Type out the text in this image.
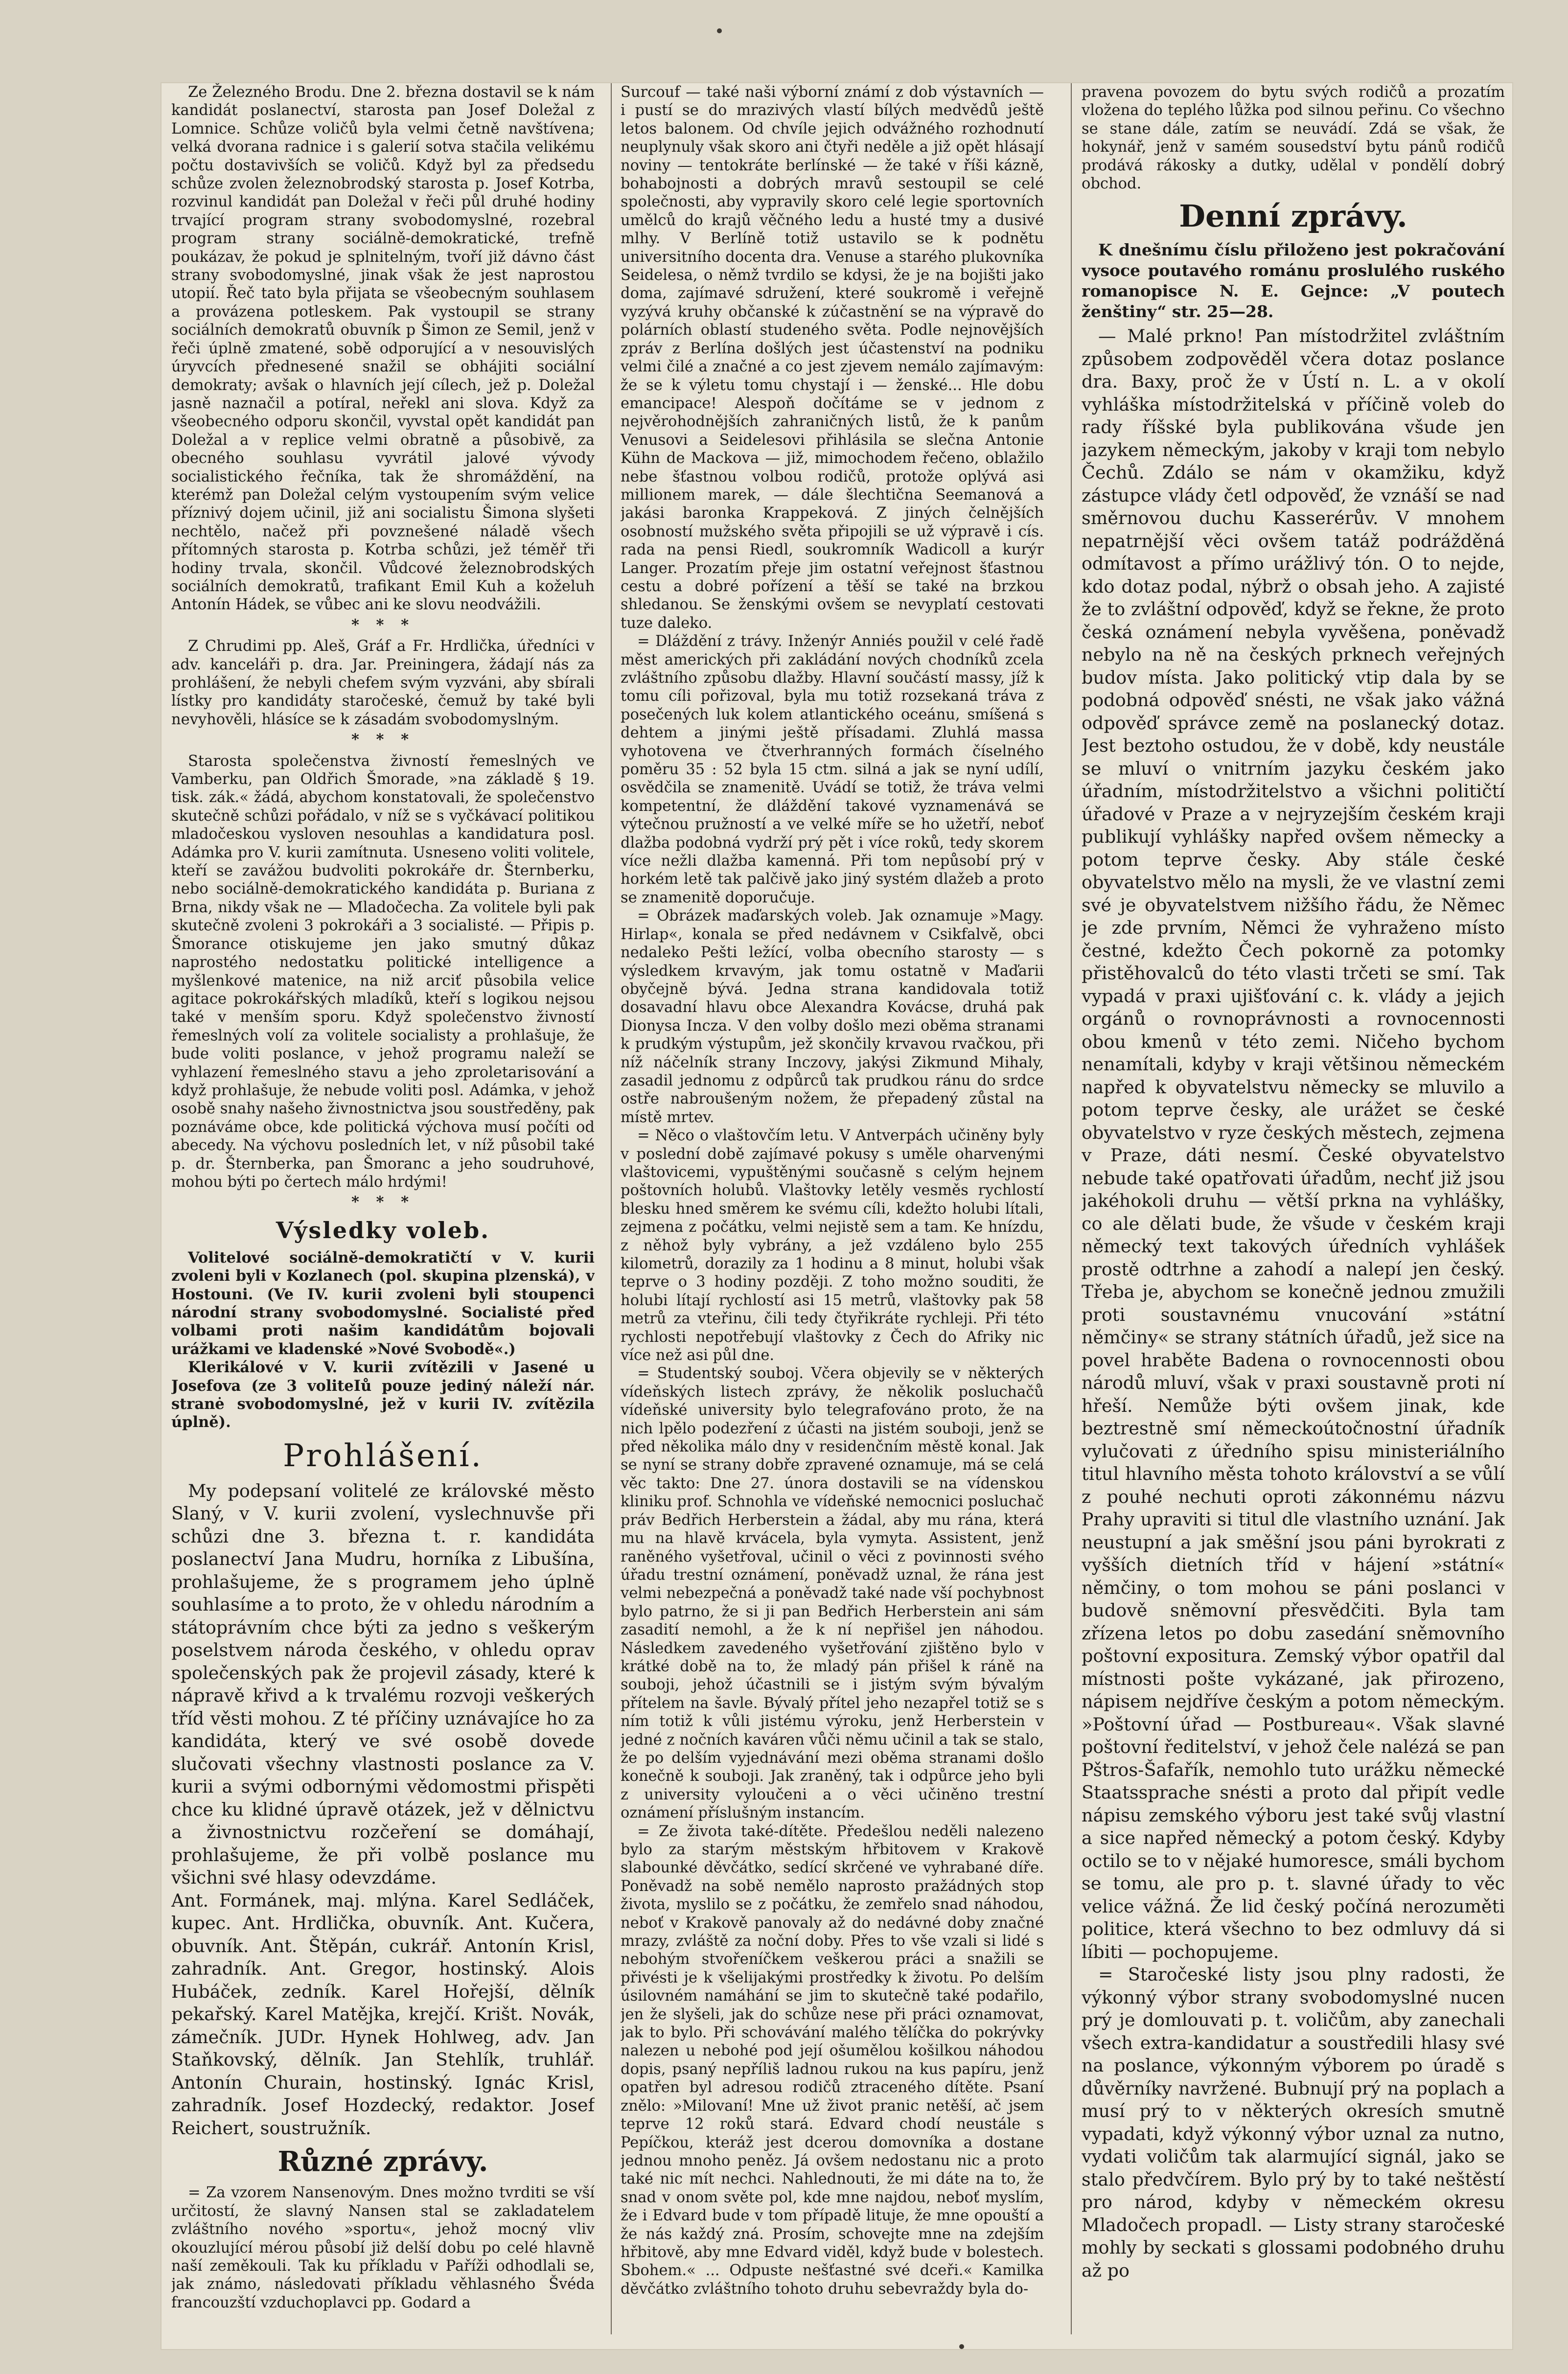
Ze Železného Brodu. Dne 2. března dostavil se k nám kandidát poslanectví, starosta pan Josef Doležal z Lomnice. Schůze voličů byla velmi četně navštívena; velká dvorana radnice i s galerií sotva stačila velikému počtu dostavivších se voličů. Když byl za předsedu schůze zvolen železnobrodský starosta p. Josef Kotrba, rozvinul kandidát pan Doležal v řeči půl druhé hodiny trvající program strany svobodomyslné, rozebral program strany sociálně-demokratické, trefně poukázav, že pokud je splnitelným, tvoří již dávno část strany svobodomyslné, jinak však že jest naprostou utopií. Řeč tato byla přijata se všeobecným souhlasem a provázena potleskem. Pak vystoupil se strany sociálních demokratů obuvník p Šimon ze Semil, jenž v řeči úplně zmatené, sobě odporující a v nesouvislých úryvcích přednesené snažil se obhájiti sociální demokraty; avšak o hlavních její cílech, jež p. Doležal jasně naznačil a potíral, neřekl ani slova. Když za všeobecného odporu skončil, vyvstal opět kandidát pan Doležal a v replice velmi obratně a působivě, za obecného souhlasu vyvrátil jalové vývody socialistického řečníka, tak že shromáždění, na kterémž pan Doležal celým vystoupením svým velice příznivý dojem učinil, již ani socialistu Šimona slyšeti nechtělo, načež při povznešené náladě všech přítomných starosta p. Kotrba schůzi, jež téměř tři hodiny trvala, skončil. Vůdcové železnobrodských sociálních demokratů, trafikant Emil Kuh a koželuh Antonín Hádek, se vůbec ani ke slovu neodvážili.

* * *

Z Chrudimi pp. Aleš, Gráf a Fr. Hrdlička, úředníci v adv. kanceláři p. dra. Jar. Preiningera, žádají nás za prohlášení, že nebyli chefem svým vyzváni, aby sbírali lístky pro kandidáty staročeské, čemuž by také byli nevyhověli, hlásíce se k zásadám svobodomyslným.

* * *

Starosta společenstva živností řemeslných ve Vamberku, pan Oldřich Šmorade, »na základě § 19. tisk. zák.« žádá, abychom konstatovali, že společenstvo skutečně schůzi pořádalo, v níž se s vyčkávací politikou mladočeskou vysloven nesouhlas a kandidatura posl. Adámka pro V. kurii zamítnuta. Usneseno voliti volitele, kteří se zavážou budvoliti pokrokáře dr. Šternberku, nebo sociálně-demokratického kandidáta p. Buriana z Brna, nikdy však ne — Mladočecha. Za volitele byli pak skutečně zvoleni 3 pokrokáři a 3 socialisté. — Připis p. Šmorance otiskujeme jen jako smutný důkaz naprostého nedostatku politické intelligence a myšlenkové matenice, na niž arciť působila velice agitace pokrokářských mladíků, kteří s logikou nejsou také v menším sporu. Když společenstvo živností řemeslných volí za volitele socialisty a prohlašuje, že bude voliti poslance, v jehož programu naleží se vyhlazení řemeslného stavu a jeho zproletarisování a když prohlašuje, že nebude voliti posl. Adámka, v jehož osobě snahy našeho živnostnictva jsou soustředěny, pak poznáváme obce, kde politická výchova musí počíti od abecedy. Na výchovu posledních let, v níž působil také p. dr. Šternberka, pan Šmoranc a jeho soudruhové, mohou býti po čertech málo hrdými!

* * *
Výsledky voleb.

Volitelové sociálně-demokratičtí v V. kurii zvoleni byli v Kozlanech (pol. skupina plzenská), v Hostouni. (Ve IV. kurii zvoleni byli stoupenci národní strany svobodomyslné. Socialisté před volbami proti našim kandidátům bojovali urážkami ve kladenské »Nové Svobodě«.)

Klerikálové v V. kurii zvítězili v Jasené u Josefova (ze 3 voliteIů pouze jediný náleží nár. stranė svobodomyslné, jež v kurii IV. zvítězila úplně).

Prohlášení.

My podepsaní volitelé ze královské město Slaný, v V. kurii zvolení, vyslechnuvše při schůzi dne 3. března t. r. kandidáta poslanectví Jana Mudru, horníka z Libušína, prohlašujeme, že s programem jeho úplně souhlasíme a to proto, že v ohledu národním a státoprávním chce býti za jedno s veškerým poselstvem národa českého, v ohledu oprav společenských pak že projevil zásady, které k nápravě křivd a k trvalému rozvoji veškerých tříd věsti mohou. Z té příčiny uznávajíce ho za kandidáta, který ve své osobě dovede slučovati všechny vlastnosti poslance za V. kurii a svými odbornými vědomostmi přispěti chce ku klidné úpravě otázek, jež v dělnictvu a živnostnictvu rozčeření se domáhají, prohlašujeme, že při volbě poslance mu všichni své hlasy odevzdáme.

Ant. Formánek, maj. mlýna. Karel Sedláček, kupec. Ant. Hrdlička, obuvník. Ant. Kučera, obuvník. Ant. Štěpán, cukrář. Antonín Krisl, zahradník. Ant. Gregor, hostinský. Alois Hubáček, zedník. Karel Hořejší, dělník pekařský. Karel Matějka, krejčí. Krišt. Novák, zámečník. JUDr. Hynek Hohlweg, adv. Jan Staňkovský, dělník. Jan Stehlík, truhlář. Antonín Churain, hostinský. Ignác Krisl, zahradník. Josef Hozdecký, redaktor. Josef Reichert, soustružník.

Různé zprávy.

= Za vzorem Nansenovým. Dnes možno tvrditi se vší určitostí, že slavný Nansen stal se zakladatelem zvláštního nového »sportu«, jehož mocný vliv okouzlující mérou působí již delší dobu po celé hlavně naší zeměkouli. Tak ku příkladu v Paříži odhodlali se, jak známo, následovati příkladu věhlasného Švéda francouzští vzduchoplavci pp. Godard a

Surcouf — také naši výborní známí z dob výstavních — i pustí se do mrazivých vlastí bílých medvědů ještě letos balonem. Od chvíle jejich odvážného rozhodnutí neuplynuly však skoro ani čtyři neděle a již opět hlásají noviny — tentokráte berlínské — že také v říši kázně, bohabojnosti a dobrých mravů sestoupil se celé společnosti, aby vypravily skoro celé legie sportovních umělců do krajů věčného ledu a husté tmy a dusivé mlhy. V Berlíně totiž ustavilo se k podnětu universitního docenta dra. Venuse a starého plukovníka Seidelesa, o němž tvrdilo se kdysi, že je na bojišti jako doma, zajímavé sdružení, které soukromě i veřejně vyzývá kruhy občanské k zúčastnění se na výpravě do polárních oblastí studeného světa. Podle nejnovějších zpráv z Berlína došlých jest účastenství na podniku velmi čilé a značné a co jest zjevem nemálo zajímavým: že se k výletu tomu chystají i — ženské... Hle dobu emancipace! Alespoň dočítáme se v jednom z nejvěrohodnějších zahraničných listů, že k panům Venusovi a Seidelesovi přihlásila se slečna Antonie Kühn de Mackova — již, mimochodem řečeno, oblažilo nebe šťastnou volbou rodičů, protože oplývá asi millionem marek, — dále šlechtična Seemanová a jakási baronka Krappeková. Z jiných čelnějších osobností mužského světa připojili se už výpravě i cís. rada na pensi Riedl, soukromník Wadicoll a kurýr Langer. Prozatím přeje jim ostatní veřejnost šťastnou cestu a dobré pořízení a těší se také na brzkou shledanou. Se ženskými ovšem se nevyplatí cestovati tuze daleko.

= Dláždění z trávy. Inženýr Anniés použil v celé řadě měst amerických při zakládání nových chodníků zcela zvláštního způsobu dlažby. Hlavní součástí massy, jíž k tomu cíli pořizoval, byla mu totiž rozsekaná tráva z posečených luk kolem atlantického oceánu, smíšená s dehtem a jinými ještě přísadami. Zluhlá massa vyhotovena ve čtverhranných formách číselného poměru 35 : 52 byla 15 ctm. silná a jak se nyní udílí, osvědčila se znamenitě. Uvádí se totiž, že tráva velmi kompetentní, že dláždění takové vyznamenává se výtečnou pružností a ve velké míře se ho užetří, neboť dlažba podobná vydrží prý pět i více roků, tedy skorem více nežli dlažba kamenná. Při tom nepůsobí prý v horkém letě tak palčivě jako jiný systém dlažeb a proto se znamenitě doporučuje.

= Obrázek maďarských voleb. Jak oznamuje »Magy. Hirlap«, konala se před nedávnem v Csikfalvě, obci nedaleko Pešti ležící, volba obecního starosty — s výsledkem krvavým, jak tomu ostatně v Maďarii obyčejně bývá. Jedna strana kandidovala totiž dosavadní hlavu obce Alexandra Kovácse, druhá pak Dionysa Incza. V den volby došlo mezi oběma stranami k prudkým výstupům, jež skončily krvavou rvačkou, při níž náčelník strany Inczovy, jakýsi Zikmund Mihaly, zasadil jednomu z odpůrců tak prudkou ránu do srdce ostře nabroušeným nožem, že přepadený zůstal na místě mrtev.

= Něco o vlaštovčím letu. V Antverpách učiněny byly v poslední době zajímavé pokusy s uměle oharvenými vlaštovicemi, vypuštěnými současně s celým hejnem poštovních holubů. Vlaštovky letěly vesměs rychlostí blesku hned směrem ke svému cíli, kdežto holubi lítali, zejmena z počátku, velmi nejistě sem a tam. Ke hnízdu, z něhož byly vybrány, a jež vzdáleno bylo 255 kilometrů, dorazily za 1 hodinu a 8 minut, holubi však teprve o 3 hodiny později. Z toho možno souditi, že holubi lítají rychlostí asi 15 metrů, vlaštovky pak 58 metrů za vteřinu, čili tedy čtyřikráte rychleji. Při této rychlosti nepotřebují vlaštovky z Čech do Afriky nic více než asi půl dne.

= Studentský souboj. Včera objevily se v některých vídeňských listech zprávy, že několik posluchačů vídeňské university bylo telegrafováno proto, že na nich lpělo podezření z účasti na jistém souboji, jenž se před několika málo dny v residenčním městě konal. Jak se nyní se strany dobře zpravené oznamuje, má se celá věc takto: Dne 27. února dostavili se na vídenskou kliniku prof. Schnohla ve vídeňské nemocnici posluchač práv Bedřich Herberstein a žádal, aby mu rána, která mu na hlavě krvácela, byla vymyta. Assistent, jenž raněného vyšetřoval, učinil o věci z povinnosti svého úřadu trestní oznámení, poněvadž uznal, že rána jest velmi nebezpečná a poněvadž také nade vší pochybnost bylo patrno, že si ji pan Bedřich Herberstein ani sám zasadití nemohl, a že k ní nepřišel jen náhodou. Následkem zavedeného vyšetřování zjištěno bylo v krátké době na to, že mladý pán přišel k ráně na souboji, jehož účastnili se i jistým svým bývalým přítelem na šavle. Bývalý přítel jeho nezapřel totiž se s ním totiž k vůli jistému výroku, jenž Herberstein v jedné z nočních kaváren vůči němu učinil a tak se stalo, že po delším vyjednávání mezi oběma stranami došlo konečně k souboji. Jak zraněný, tak i odpůrce jeho byli z university vyloučeni a o věci učiněno trestní oznámení příslušným instancím.

= Ze života také-dítěte. Předešlou neděli nalezeno bylo za starým městským hřbitovem v Krakově slabounké děvčátko, sedící skrčené ve vyhrabané díře. Poněvadž na sobě nemělo naprosto pražádných stop života, myslilo se z počátku, že zemřelo snad náhodou, neboť v Krakově panovaly až do nedávné doby značné mrazy, zvláště za noční doby. Přes to vše vzali si lidé s nebohým stvořeníčkem veškerou práci a snažili se přivésti je k všelijakými prostředky k životu. Po delším úsilovném namáhání se jim to skutečně také podařilo, jen že slyšeli, jak do schůze nese při práci oznamovat, jak to bylo. Při schovávání malého tělíčka do pokrývky nalezen u nebohé pod její ošumělou košilkou náhodou dopis, psaný nepříliš ladnou rukou na kus papíru, jenž opatřen byl adresou rodičů ztraceného dítěte. Psaní znělo: »Milovaní! Mne už život pranic netěší, ač jsem teprve 12 roků stará. Edvard chodí neustále s Pepíčkou, kteráž jest dcerou domovníka a dostane jednou mnoho peněz. Já ovšem nedostanu nic a proto také nic mít nechci. Nahlednouti, že mi dáte na to, že snad v onom světe pol, kde mne najdou, neboť myslím, že i Edvard bude v tom případě lituje, že mne opouští a že nás každý zná. Prosím, schovejte mne na zdejším hřbitově, aby mne Edvard viděl, když bude v bolestech. Sbohem.« ... Odpuste nešťastné své dceři.« Kamilka děvčátko zvláštního tohoto druhu sebevraždy byla do-

pravena povozem do bytu svých rodičů a prozatím vložena do teplého lůžka pod silnou peřinu. Co všechno se stane dále, zatím se neuvádí. Zdá se však, že hokynář, jenž v samém sousedství bytu pánů rodičů prodává rákosky a dutky, udělal v pondělí dobrý obchod.

Denní zprávy.
K dnešnímu číslu přiloženo jest pokračování vysoce poutavého románu proslulého ruského romanopisce N. E. Gejnce: „V poutech ženštiny“ str. 25—28.

— Malé prkno! Pan místodržitel zvláštním způsobem zodpověděl včera dotaz poslance dra. Baxy, proč že v Ústí n. L. a v okolí vyhláška místodržitelská v příčině voleb do rady říšské byla publikována všude jen jazykem německým, jakoby v kraji tom nebylo Čechů. Zdálo se nám v okamžiku, když zástupce vlády četl odpověď, že vznáší se nad směrnovou duchu Kasserérův. V mnohem nepatrnější věci ovšem tatáž podrážděná odmítavost a přímo urážlivý tón. O to nejde, kdo dotaz podal, nýbrž o obsah jeho. A zajisté že to zvláštní odpověď, když se řekne, že proto česká oznámení nebyla vyvěšena, poněvadž nebylo na ně na českých prknech veřejných budov místa. Jako politický vtip dala by se podobná odpověď snésti, ne však jako vážná odpověď správce země na poslanecký dotaz. Jest beztoho ostudou, že v době, kdy neustále se mluví o vnitrním jazyku českém jako úřadním, místodržitelstvo a všichni političtí úřadové v Praze a v nejryzejším českém kraji publikují vyhlášky napřed ovšem německy a potom teprve česky. Aby stále české obyvatelstvo mělo na mysli, že ve vlastní zemi své je obyvatelstvem nižšího řádu, že Němec je zde prvním, Němci že vyhraženo místo čestné, kdežto Čech pokorně za potomky přistěhovalců do této vlasti trčeti se smí. Tak vypadá v praxi ujišťování c. k. vlády a jejich orgánů o rovnoprávnosti a rovnocennosti obou kmenů v této zemi. Ničeho bychom nenamítali, kdyby v kraji většinou německém napřed k obyvatelstvu německy se mluvilo a potom teprve česky, ale urážet se české obyvatelstvo v ryze českých městech, zejmena v Praze, dáti nesmí. České obyvatelstvo nebude také opatřovati úřadům, nechť již jsou jakéhokoli druhu — větší prkna na vyhlášky, co ale dělati bude, že všude v českém kraji německý text takových úředních vyhlášek prostě odtrhne a zahodí a nalepí jen český. Třeba je, abychom se konečně jednou zmužili proti soustavnému vnucování »státní němčiny« se strany státních úřadů, jež sice na povel hraběte Badena o rovnocennosti obou národů mluví, však v praxi soustavně proti ní hřeší. Nemůže býti ovšem jinak, kde beztrestně smí německoútočnostní úřadník vylučovati z úředního spisu ministeriálního titul hlavního města tohoto království a se vůlí z pouhé nechuti oproti zákonnému názvu Prahy upraviti si titul dle vlastního uznání. Jak neustupní a jak směšní jsou páni byrokrati z vyšších dietních tříd v hájení »státní« němčiny, o tom mohou se páni poslanci v budově sněmovní přesvědčiti. Byla tam zřízena letos po dobu zasedání sněmovního poštovní expositura. Zemský výbor opatřil dal místnosti pošte vykázané, jak přirozeno, nápisem nejdříve českým a potom německým. »Poštovní úřad — Postbureau«. Však slavné poštovní ředitelství, v jehož čele nalézá se pan Pštros-Šafařík, nemohlo tuto urážku německé Staatssprache snésti a proto dal připít vedle nápisu zemského výboru jest také svůj vlastní a sice napřed německý a potom český. Kdyby octilo se to v nějaké humoresce, smáli bychom se tomu, ale pro p. t. slavné úřady to věc velice vážná. Že lid český počíná nerozuměti politice, která všechno to bez odmluvy dá si líbiti — pochopujeme.

= Staročeské listy jsou plny radosti, že výkonný výbor strany svobodomyslné nucen prý je domlouvati p. t. voličům, aby zanechali všech extra-kandidatur a soustředili hlasy své na poslance, výkonným výborem po úradě s důvěrníky navržené. Bubnují prý na poplach a musí prý to v některých okresích smutně vypadati, když výkonný výbor uznal za nutno, vydati voličům tak alarmující signál, jako se stalo předvčírem. Bylo prý by to také neštěstí pro národ, kdyby v německém okresu Mladočech propadl. — Listy strany staročeské mohly by seckati s glossami podobného druhu až po
